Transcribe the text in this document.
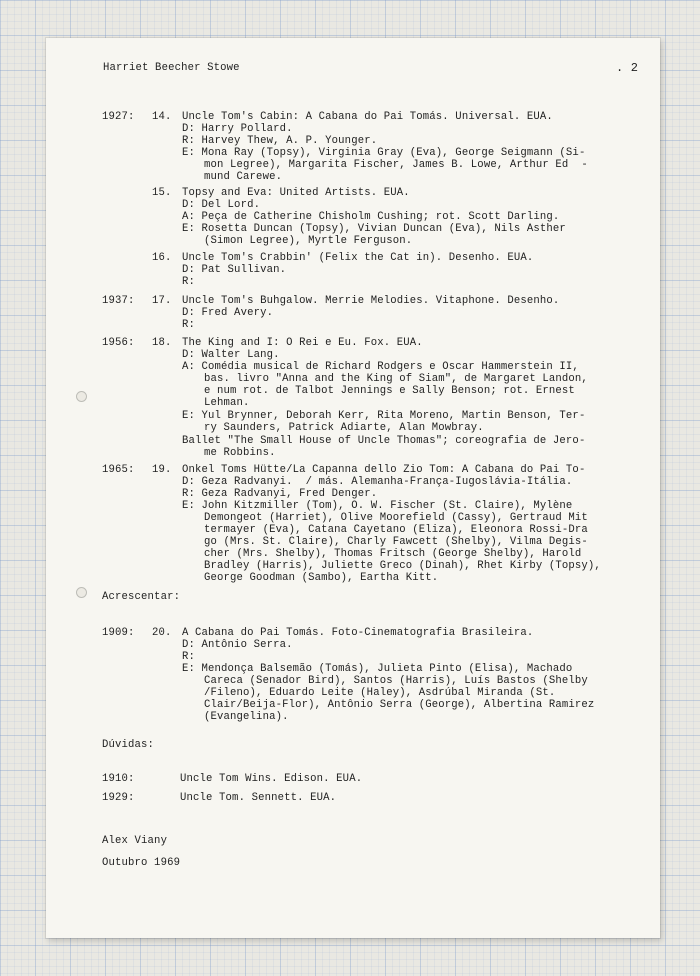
Harriet Beecher Stowe	. 2
1927: 14. Uncle Tom's Cabin: A Cabana do Pai Tomás. Universal. EUA.
D: Harry Pollard.
R: Harvey Thew, A. P. Younger.
E: Mona Ray (Topsy), Virginia Gray (Eva), George Seigmann (Si-
mon Legree), Margarita Fischer, James B. Lowe, Arthur Ed  -
mund Carewe.
15. Topsy and Eva: United Artists. EUA.
D: Del Lord.
A: Peça de Catherine Chisholm Cushing; rot. Scott Darling.
E: Rosetta Duncan (Topsy), Vivian Duncan (Eva), Nils Asther
(Simon Legree), Myrtle Ferguson.
16. Uncle Tom's Crabbin' (Felix the Cat in). Desenho. EUA.
D: Pat Sullivan.
R:
1937: 17. Uncle Tom's Buhgalow. Merrie Melodies. Vitaphone. Desenho.
D: Fred Avery.
R:
1956: 18. The King and I: O Rei e Eu. Fox. EUA.
D: Walter Lang.
A: Comédia musical de Richard Rodgers e Oscar Hammerstein II,
bas. livro "Anna and the King of Siam", de Margaret Landon,
e num rot. de Talbot Jennings e Sally Benson; rot. Ernest
Lehman.
E: Yul Brynner, Deborah Kerr, Rita Moreno, Martin Benson, Ter-
ry Saunders, Patrick Adiarte, Alan Mowbray.
Ballet "The Small House of Uncle Thomas"; coreografia de Jero-
me Robbins.
1965: 19. Onkel Toms Hütte/La Capanna dello Zio Tom: A Cabana do Pai To-
D: Geza Radvanyi.  / más. Alemanha-França-Iugoslávia-Itália.
R: Geza Radvanyi, Fred Denger.
E: John Kitzmiller (Tom), O. W. Fischer (St. Claire), Mylène
Demongeot (Harriet), Olive Moorefield (Cassy), Gertraud Mit
termayer (Eva), Catana Cayetano (Eliza), Eleonora Rossi-Dra
go (Mrs. St. Claire), Charly Fawcett (Shelby), Vilma Degis-
cher (Mrs. Shelby), Thomas Fritsch (George Shelby), Harold
Bradley (Harris), Juliette Greco (Dinah), Rhet Kirby (Topsy),
George Goodman (Sambo), Eartha Kitt.
Acrescentar:
1909: 20. A Cabana do Pai Tomás. Foto-Cinematografia Brasileira.
D: Antônio Serra.
R:
E: Mendonça Balsemão (Tomás), Julieta Pinto (Elisa), Machado
Careca (Senador Bird), Santos (Harris), Luís Bastos (Shelby
/Fileno), Eduardo Leite (Haley), Asdrúbal Miranda (St.
Clair/Beija-Flor), Antônio Serra (George), Albertina Ramirez
(Evangelina).
Dúvidas:
1910:	Uncle Tom Wins. Edison. EUA.
1929:	Uncle Tom. Sennett. EUA.
Alex Viany
Outubro 1969
